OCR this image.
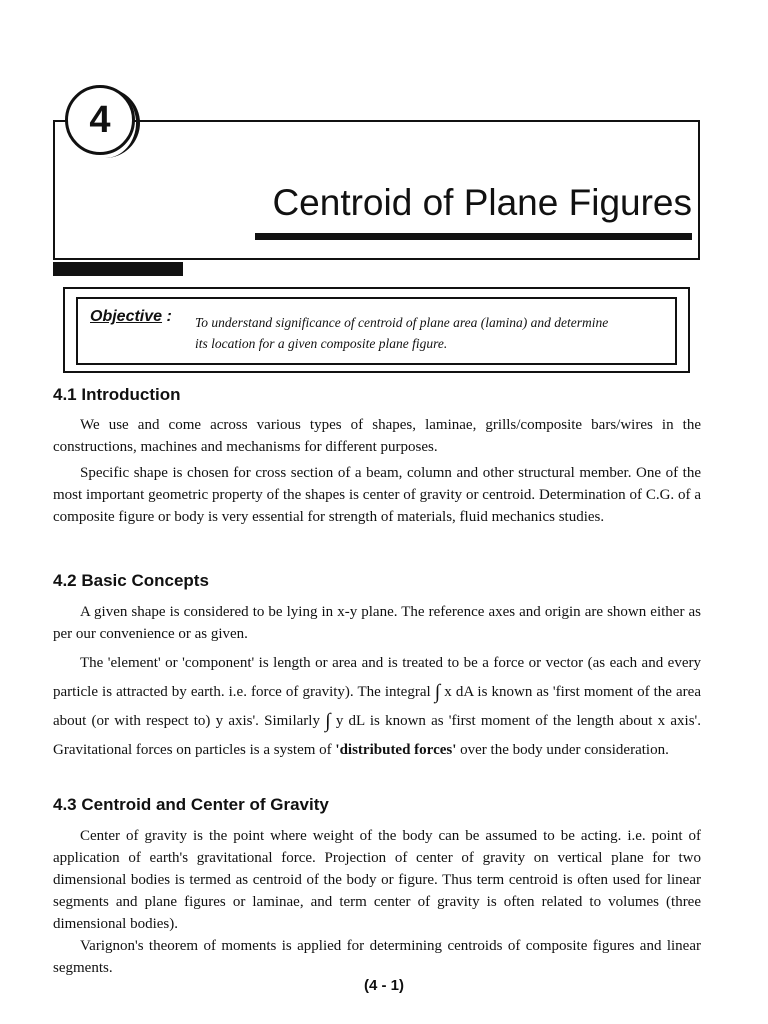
4
Centroid of Plane Figures
Objective : To understand significance of centroid of plane area (lamina) and determine
its location for a given composite plane figure.
4.1 Introduction

We use and come across various types of shapes, laminae, grills/composite bars/wires in the constructions, machines and mechanisms for different purposes.

Specific shape is chosen for cross section of a beam, column and other structural member. One of the most important geometric property of the shapes is center of gravity or centroid. Determination of C.G. of a composite figure or body is very essential for strength of materials, fluid mechanics studies.

4.2 Basic Concepts

A given shape is considered to be lying in x-y plane. The reference axes and origin are shown either as per our convenience or as given.

The 'element' or 'component' is length or area and is treated to be a force or vector (as each and every particle is attracted by earth. i.e. force of gravity). The integral ∫ x dA is known as 'first moment of the area about (or with respect to) y axis'. Similarly ∫ y dL is known as 'first moment of the length about x axis'. Gravitational forces on particles is a system of 'distributed forces' over the body under consideration.

4.3 Centroid and Center of Gravity

Center of gravity is the point where weight of the body can be assumed to be acting. i.e. point of application of earth's gravitational force. Projection of center of gravity on vertical plane for two dimensional bodies is termed as centroid of the body or figure. Thus term centroid is often used for linear segments and plane figures or laminae, and term center of gravity is often related to volumes (three dimensional bodies).

Varignon's theorem of moments is applied for determining centroids of composite figures and linear segments.

(4 - 1)
